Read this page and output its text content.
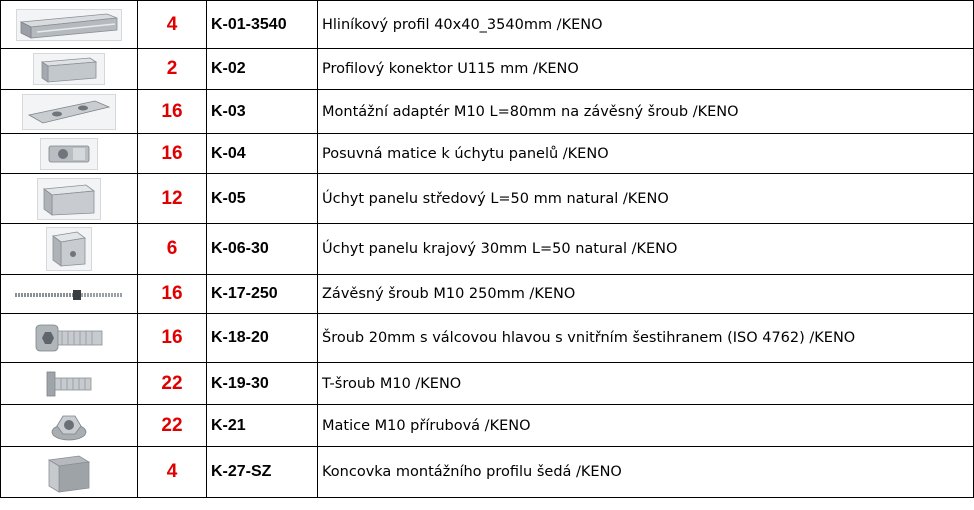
	4	K-01-3540	Hliníkový profil 40x40_3540mm /KENO

	2	K-02	Profilový konektor U115 mm /KENO

	16	K-03	Montážní adaptér M10 L=80mm na závěsný šroub /KENO

	16	K-04	Posuvná matice k úchytu panelů /KENO

	12	K-05	Úchyt panelu středový L=50 mm natural /KENO

	6	K-06-30	Úchyt panelu krajový 30mm L=50 natural /KENO

	16	K-17-250	Závěsný šroub M10 250mm /KENO

	16	K-18-20	Šroub 20mm s válcovou hlavou s vnitřním šestihranem (ISO 4762) /KENO

	22	K-19-30	T-šroub M10 /KENO

	22	K-21	Matice M10 přírubová /KENO

	4	K-27-SZ	Koncovka montážního profilu šedá /KENO
